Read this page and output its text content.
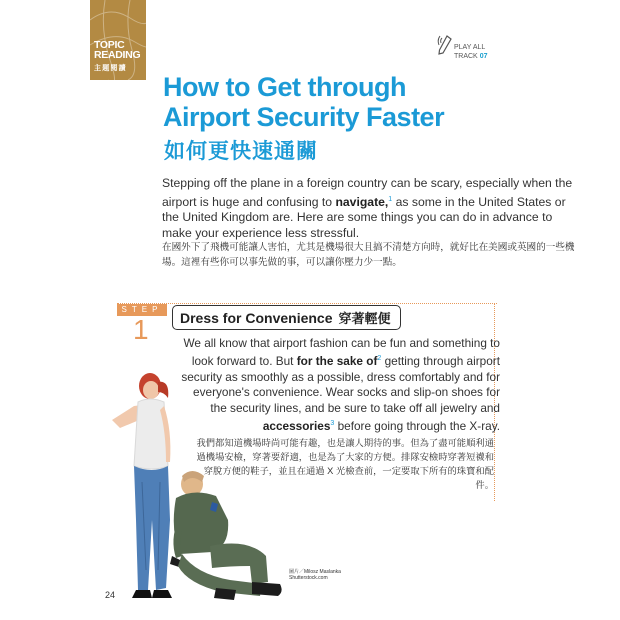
TOPIC
READING
主題閱讀
PLAY ALL
TRACK 07
How to Get through
Airport Security Faster
如何更快速通關

Stepping off the plane in a foreign country can be scary, especially when the airport is huge and confusing to navigate,$^1$ as some in the United States or the United Kingdom are. Here are some things you can do in advance to make your experience less stressful.

在國外下了飛機可能讓人害怕，尤其是機場很大且搞不清楚方向時，就好比在美國或英國的一些機場。這裡有些你可以事先做的事，可以讓你壓力少一點。

STEP
1 Dress for Convenience 穿著輕便

We all know that airport fashion can be fun and something to look forward to. But for the sake $of^2$ getting through airport security as smoothly as a possible, dress comfortably and for everyone's convenience. Wear socks and slip-on shoes for the security lines, and be sure to take off all jewelry and accessories$^3$ before going through the X-ray.

我們都知道機場時尚可能有趣，也是讓人期待的事。但為了盡可能順利通過機場安檢，穿著要舒適，也是為了大家的方便。排隊安檢時穿著短襪和穿脫方便的鞋子，並且在通過 X 光檢查前，一定要取下所有的珠寶和配件。

圖片／Milosz Maslanka
Shutterstock.com
24
